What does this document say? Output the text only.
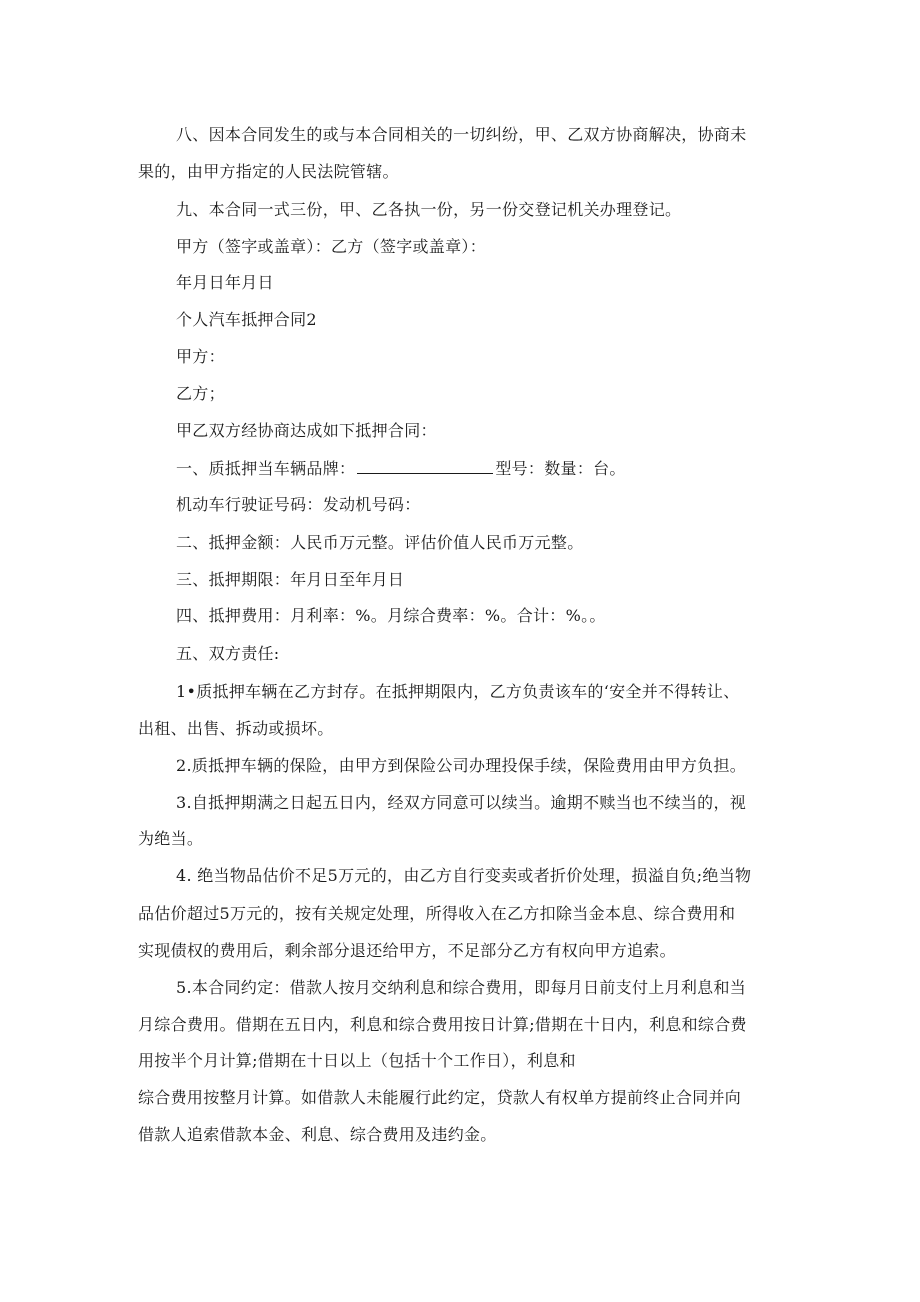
八、因本合同发生的或与本合同相关的一切纠纷，甲、乙双方协商解决，协商未
果的，由甲方指定的人民法院管辖。
九、本合同一式三份，甲、乙各执一份，另一份交登记机关办理登记。
甲方（签字或盖章）：乙方（签字或盖章）：
年月日年月日
个人汽车抵押合同2
甲方：
乙方；
甲乙双方经协商达成如下抵押合同：
一、质抵押当车辆品牌：	型号：数量：台。
机动车行驶证号码：发动机号码：
二、抵押金额：人民币万元整。评估价值人民币万元整。
三、抵押期限：年月日至年月日
四、抵押费用：月利率：%。月综合费率：%。合计：%。。
五、双方责任:
1•质抵押车辆在乙方封存。在抵押期限内，乙方负责该车的‘安全并不得转让、
出租、出售、拆动或损坏。
2.质抵押车辆的保险，由甲方到保险公司办理投保手续，保险费用由甲方负担。
3.自抵押期满之日起五日内，经双方同意可以续当。逾期不赎当也不续当的，视
为绝当。
4. 绝当物品估价不足5万元的，由乙方自行变卖或者折价处理，损溢自负;绝当物
品估价超过5万元的，按有关规定处理，所得收入在乙方扣除当金本息、综合费用和
实现债权的费用后，剩余部分退还给甲方，不足部分乙方有权向甲方追索。
5.本合同约定：借款人按月交纳利息和综合费用，即每月日前支付上月利息和当
月综合费用。借期在五日内，利息和综合费用按日计算;借期在十日内，利息和综合费
用按半个月计算;借期在十日以上（包括十个工作日），利息和
综合费用按整月计算。如借款人未能履行此约定，贷款人有权单方提前终止合同并向
借款人追索借款本金、利息、综合费用及违约金。
